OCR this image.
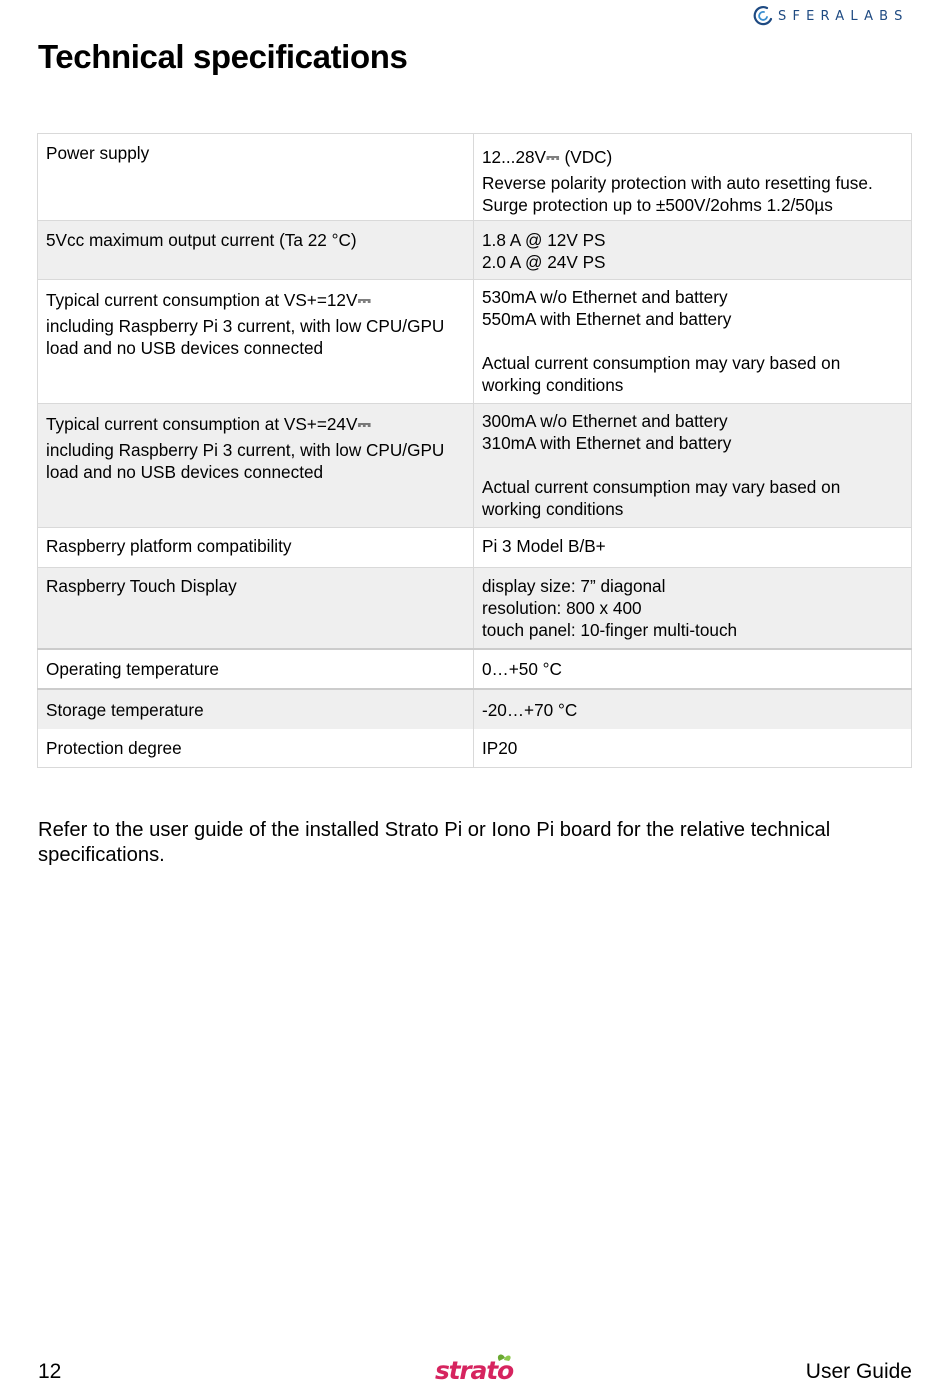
SFERALABS
Technical specifications
Power supply	12...28V⎓ (VDC)
Reverse polarity protection with auto resetting fuse.
Surge protection up to ±500V/2ohms 1.2/50µs

5Vcc maximum output current (Ta 22 °C)	1.8 A @ 12V PS
2.0 A @ 24V PS

Typical current consumption at VS+=12V⎓
including Raspberry Pi 3 current, with low CPU/GPU
load and no USB devices connected	530mA w/o Ethernet and battery
550mA with Ethernet and battery
Actual current consumption may vary based on
working conditions

Typical current consumption at VS+=24V⎓
including Raspberry Pi 3 current, with low CPU/GPU
load and no USB devices connected	300mA w/o Ethernet and battery
310mA with Ethernet and battery
Actual current consumption may vary based on
working conditions

Raspberry platform compatibility	Pi 3 Model B/B+

Raspberry Touch Display	display size: 7” diagonal
resolution: 800 x 400
touch panel: 10-finger multi-touch

Operating temperature	0…+50 °C

Storage temperature	-20…+70 °C

Protection degree	IP20

Refer to the user guide of the installed Strato Pi or Iono Pi board for the relative technical specifications.

12	strato	User Guide
